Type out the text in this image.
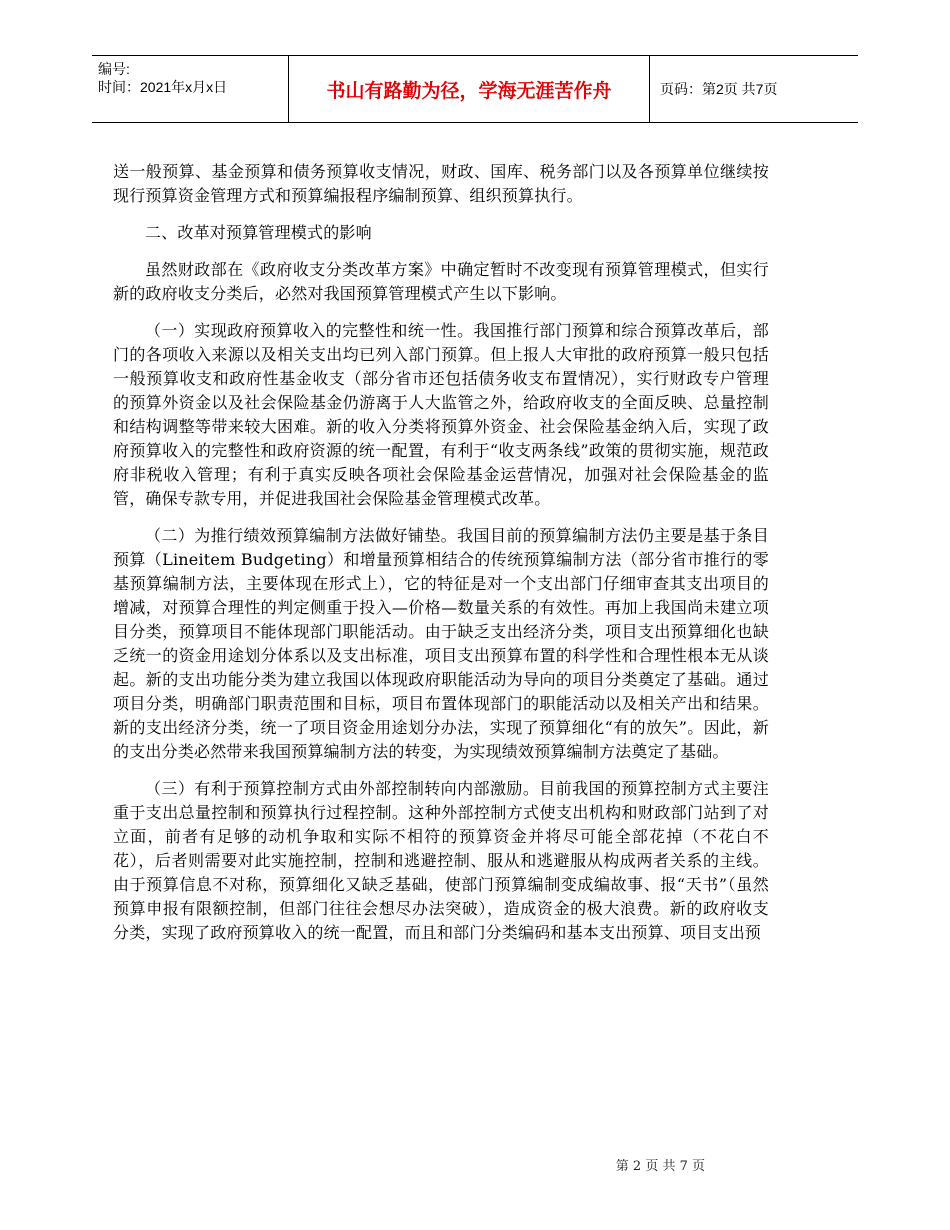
编号:
时间：2021年x月x日	书山有路勤为径，学海无涯苦作舟	页码：第2页 共7页

送一般预算、基金预算和债务预算收支情况，财政、国库、税务部门以及各预算单位继续按现行预算资金管理方式和预算编报程序编制预算、组织预算执行。

二、改革对预算管理模式的影响

虽然财政部在《政府收支分类改革方案》中确定暂时不改变现有预算管理模式，但实行新的政府收支分类后，必然对我国预算管理模式产生以下影响。

（一）实现政府预算收入的完整性和统一性。我国推行部门预算和综合预算改革后，部门的各项收入来源以及相关支出均已列入部门预算。但上报人大审批的政府预算一般只包括一般预算收支和政府性基金收支（部分省市还包括债务收支布置情况），实行财政专户管理的预算外资金以及社会保险基金仍游离于人大监管之外，给政府收支的全面反映、总量控制和结构调整等带来较大困难。新的收入分类将预算外资金、社会保险基金纳入后，实现了政府预算收入的完整性和政府资源的统一配置，有利于“收支两条线”政策的贯彻实施，规范政府非税收入管理；有利于真实反映各项社会保险基金运营情况，加强对社会保险基金的监管，确保专款专用，并促进我国社会保险基金管理模式改革。

（二）为推行绩效预算编制方法做好铺垫。我国目前的预算编制方法仍主要是基于条目预算（Lineitem Budgeting）和增量预算相结合的传统预算编制方法（部分省市推行的零基预算编制方法，主要体现在形式上），它的特征是对一个支出部门仔细审查其支出项目的增减，对预算合理性的判定侧重于投入—价格—数量关系的有效性。再加上我国尚未建立项目分类，预算项目不能体现部门职能活动。由于缺乏支出经济分类，项目支出预算细化也缺乏统一的资金用途划分体系以及支出标准，项目支出预算布置的科学性和合理性根本无从谈起。新的支出功能分类为建立我国以体现政府职能活动为导向的项目分类奠定了基础。通过项目分类，明确部门职责范围和目标，项目布置体现部门的职能活动以及相关产出和结果。新的支出经济分类，统一了项目资金用途划分办法，实现了预算细化“有的放矢”。因此，新的支出分类必然带来我国预算编制方法的转变，为实现绩效预算编制方法奠定了基础。

（三）有利于预算控制方式由外部控制转向内部激励。目前我国的预算控制方式主要注重于支出总量控制和预算执行过程控制。这种外部控制方式使支出机构和财政部门站到了对立面，前者有足够的动机争取和实际不相符的预算资金并将尽可能全部花掉（不花白不花），后者则需要对此实施控制，控制和逃避控制、服从和逃避服从构成两者关系的主线。由于预算信息不对称，预算细化又缺乏基础，使部门预算编制变成编故事、报“天书”（虽然预算申报有限额控制，但部门往往会想尽办法突破），造成资金的极大浪费。新的政府收支分类，实现了政府预算收入的统一配置，而且和部门分类编码和基本支出预算、项目支出预

第 2 页 共 7 页
